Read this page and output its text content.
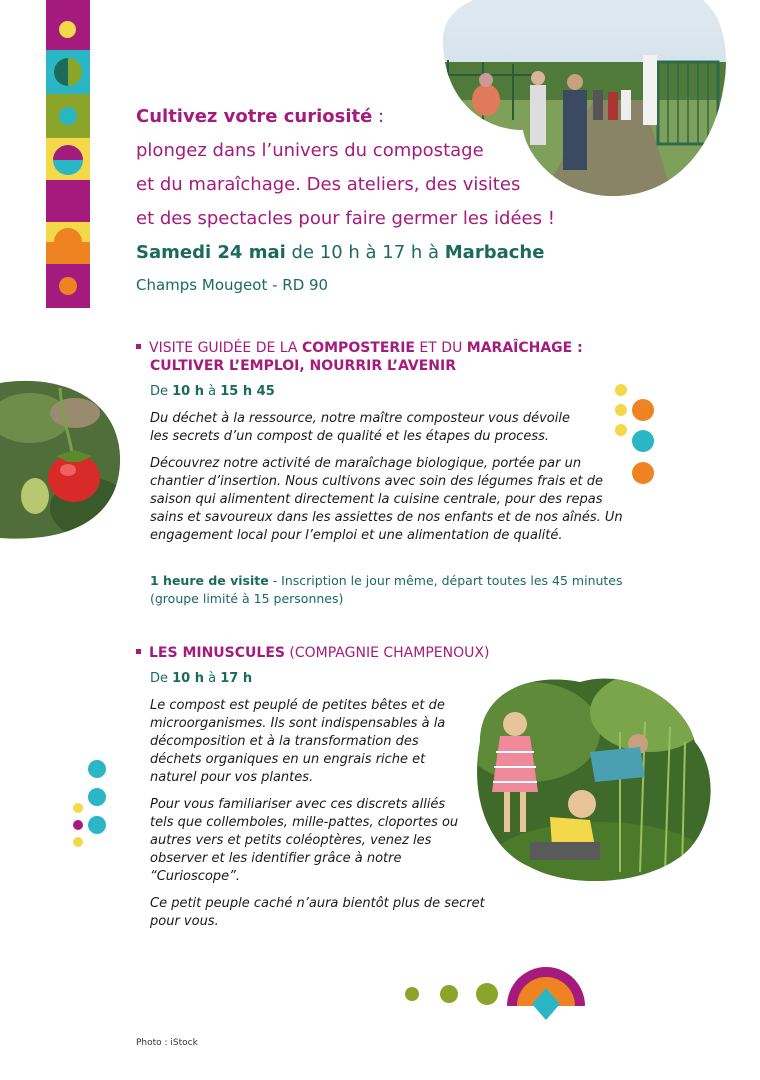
Cultivez votre curiosité :
plongez dans l’univers du compostage
et du maraîchage. Des ateliers, des visites
et des spectacles pour faire germer les idées !
Samedi 24 mai de 10 h à 17 h à Marbache
Champs Mougeot - RD 90
VISITE GUIDÉE DE LA COMPOSTERIE ET DU MARAÎCHAGE :
CULTIVER L’EMPLOI, NOURRIR L’AVENIR
De 10 h à 15 h 45

Du déchet à la ressource, notre maître composteur vous dévoile les secrets d’un compost de qualité et les étapes du process.

Découvrez notre activité de maraîchage biologique, portée par un chantier d’insertion. Nous cultivons avec soin des légumes frais et de saison qui alimentent directement la cuisine centrale, pour des repas sains et savoureux dans les assiettes de nos enfants et de nos aînés. Un engagement local pour l’emploi et une alimentation de qualité.

1 heure de visite - Inscription le jour même, départ toutes les 45 minutes (groupe limité à 15 personnes)
LES MINUSCULES (COMPAGNIE CHAMPENOUX)
De 10 h à 17 h

Le compost est peuplé de petites bêtes et de microorganismes. Ils sont indispensables à la décomposition et à la transformation des déchets organiques en un engrais riche et naturel pour vos plantes.

Pour vous familiariser avec ces discrets alliés tels que collemboles, mille-pattes, cloportes ou autres vers et petits coléoptères, venez les observer et les identifier grâce à notre “Curioscope”.

Ce petit peuple caché n’aura bientôt plus de secret pour vous.

Photo : iStock
